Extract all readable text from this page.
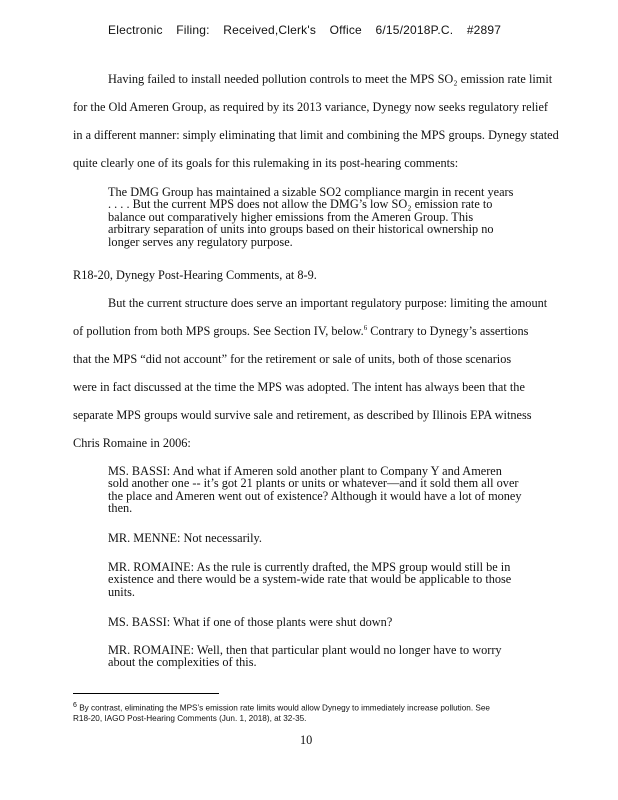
Electronic Filing: Received,Clerk's Office 6/15/2018P.C. #2897
Having failed to install needed pollution controls to meet the MPS SO₂ emission rate limit
for the Old Ameren Group, as required by its 2013 variance, Dynegy now seeks regulatory relief
in a different manner: simply eliminating that limit and combining the MPS groups. Dynegy stated
quite clearly one of its goals for this rulemaking in its post-hearing comments:

The DMG Group has maintained a sizable SO2 compliance margin in recent years

. . . . But the current MPS does not allow the DMG’s low SO₂ emission rate to

balance out comparatively higher emissions from the Ameren Group. This

arbitrary separation of units into groups based on their historical ownership no

longer serves any regulatory purpose.

R18-20, Dynegy Post-Hearing Comments, at 8-9.
But the current structure does serve an important regulatory purpose: limiting the amount
of pollution from both MPS groups. See Section IV, below.$^6$ Contrary to Dynegy’s assertions
that the MPS “did not account” for the retirement or sale of units, both of those scenarios
were in fact discussed at the time the MPS was adopted. The intent has always been that the
separate MPS groups would survive sale and retirement, as described by Illinois EPA witness
Chris Romaine in 2006:

MS. BASSI: And what if Ameren sold another plant to Company Y and Ameren

sold another one -- it’s got 21 plants or units or whatever—and it sold them all over

the place and Ameren went out of existence? Although it would have a lot of money

then.

MR. MENNE: Not necessarily.

MR. ROMAINE: As the rule is currently drafted, the MPS group would still be in

existence and there would be a system-wide rate that would be applicable to those

units.

MS. BASSI: What if one of those plants were shut down?

MR. ROMAINE: Well, then that particular plant would no longer have to worry

about the complexities of this.

$^6$ By contrast, eliminating the MPS’s emission rate limits would allow Dynegy to immediately increase pollution. See
R18-20, IAGO Post-Hearing Comments (Jun. 1, 2018), at 32-35.
10
